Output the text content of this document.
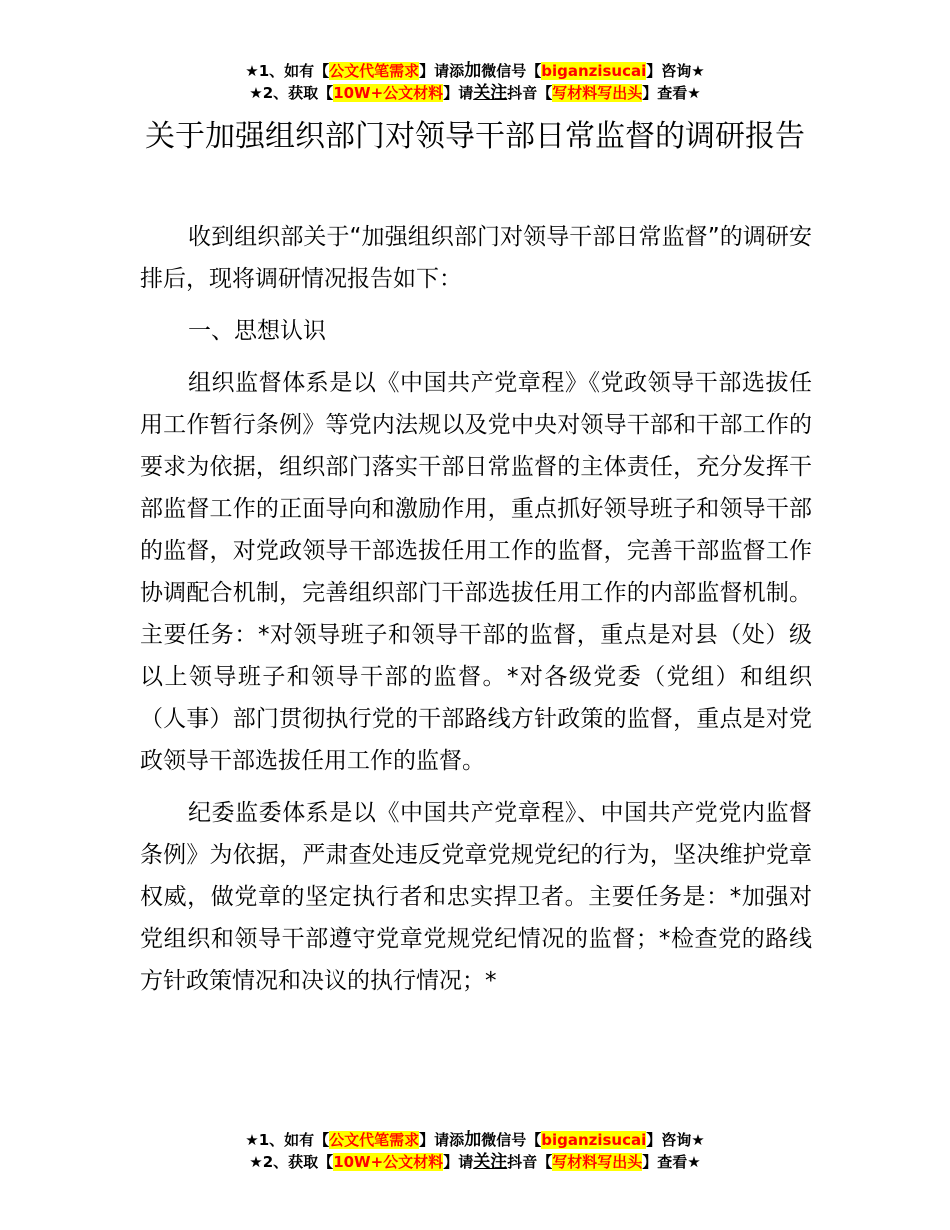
★1、如有【公文代笔需求】请添加微信号【biganzisucai】咨询★
★2、获取【10W+公文材料】请关注抖音【写材料写出头】查看★
关于加强组织部门对领导干部日常监督的调研报告

收到组织部关于“加强组织部门对领导干部日常监督”的调研安排后，现将调研情况报告如下：

一、思想认识

组织监督体系是以《中国共产党章程》《党政领导干部选拔任用工作暂行条例》等党内法规以及党中央对领导干部和干部工作的要求为依据，组织部门落实干部日常监督的主体责任，充分发挥干部监督工作的正面导向和激励作用，重点抓好领导班子和领导干部的监督，对党政领导干部选拔任用工作的监督，完善干部监督工作协调配合机制，完善组织部门干部选拔任用工作的内部监督机制。主要任务：*对领导班子和领导干部的监督，重点是对县（处）级以上领导班子和领导干部的监督。*对各级党委（党组）和组织（人事）部门贯彻执行党的干部路线方针政策的监督，重点是对党政领导干部选拔任用工作的监督。

纪委监委体系是以《中国共产党章程》、中国共产党党内监督条例》为依据，严肃查处违反党章党规党纪的行为，坚决维护党章权威，做党章的坚定执行者和忠实捍卫者。主要任务是：*加强对党组织和领导干部遵守党章党规党纪情况的监督；*检查党的路线方针政策情况和决议的执行情况；*

★1、如有【公文代笔需求】请添加微信号【biganzisucai】咨询★
★2、获取【10W+公文材料】请关注抖音【写材料写出头】查看★
